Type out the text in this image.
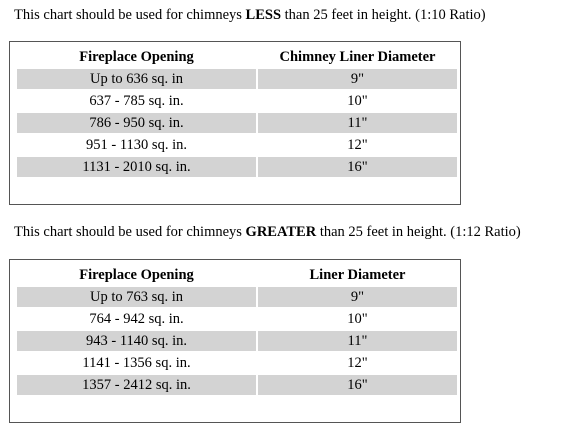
This chart should be used for chimneys LESS than 25 feet in height. (1:10 Ratio)
Fireplace Opening	Chimney Liner Diameter
Up to 636 sq. in	9"
637 - 785 sq. in.	10"
786 - 950 sq. in.	11"
951 - 1130 sq. in.	12"
1131 - 2010 sq. in.	16"
This chart should be used for chimneys GREATER than 25 feet in height. (1:12 Ratio)
Fireplace Opening	Liner Diameter
Up to 763 sq. in	9"
764 - 942 sq. in.	10"
943 - 1140 sq. in.	11"
1141 - 1356 sq. in.	12"
1357 - 2412 sq. in.	16"
